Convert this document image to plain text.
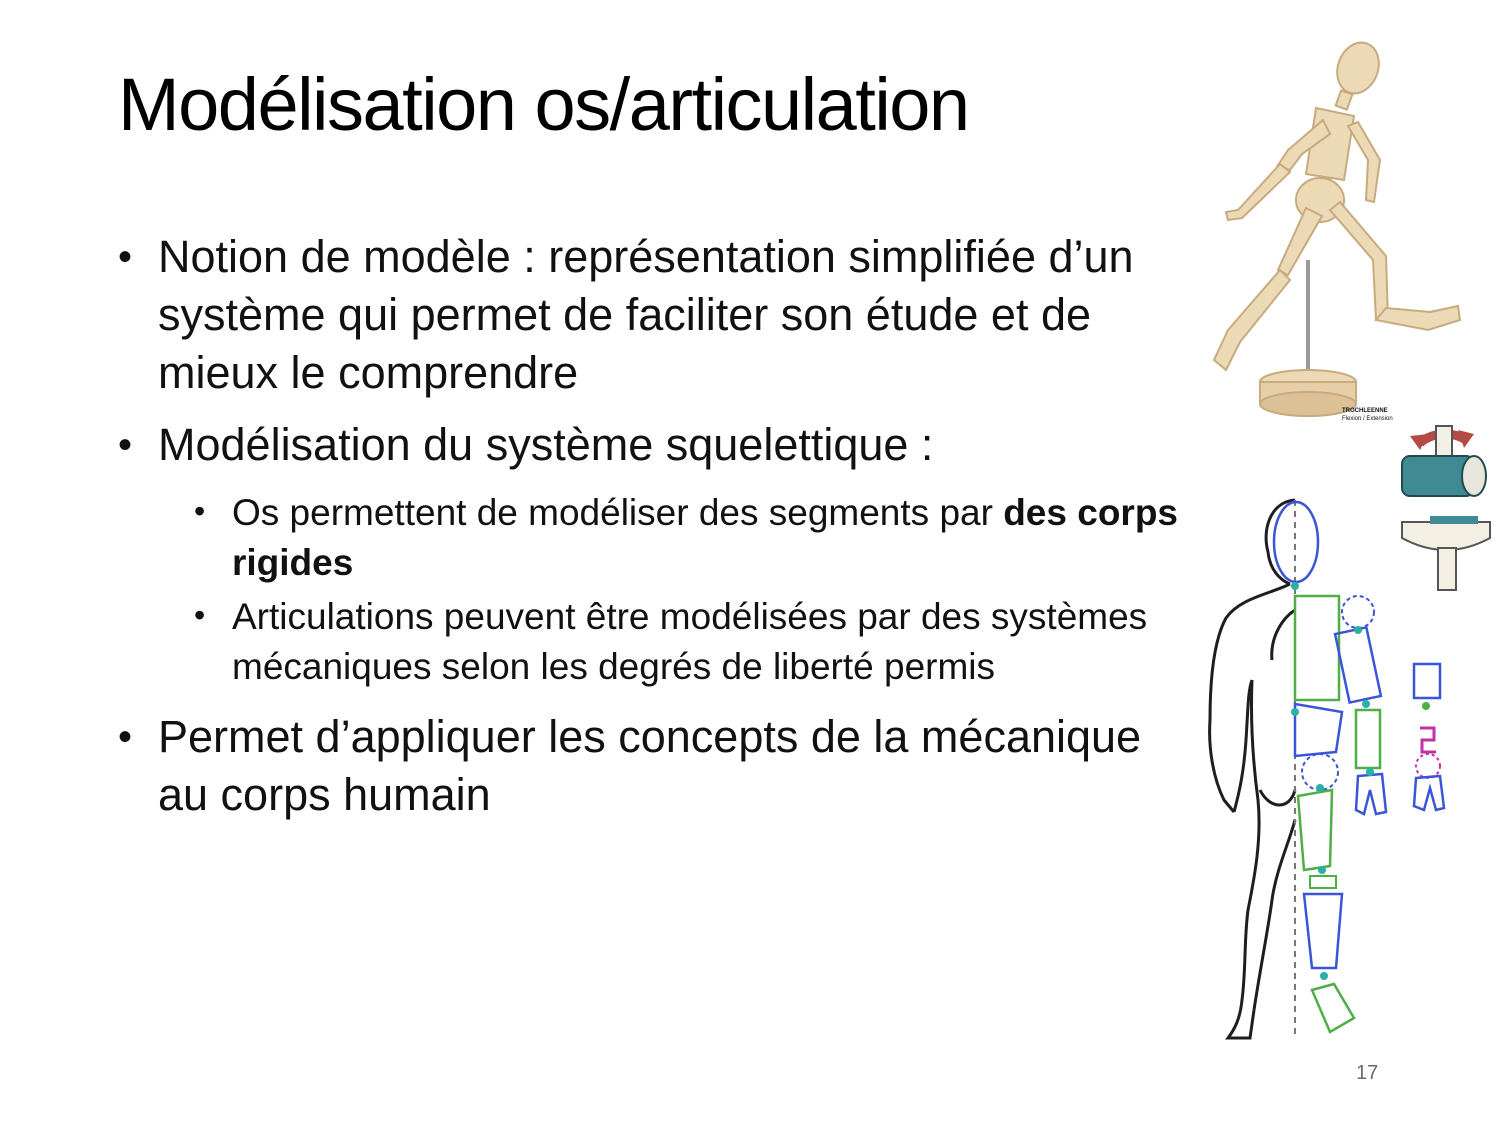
Modélisation os/articulation
• Notion de modèle : représentation simplifiée d’un système qui permet de faciliter son étude et de mieux le comprendre
• Modélisation du système squelettique :
• Os permettent de modéliser des segments par des corps rigides
• Articulations peuvent être modélisées par des systèmes mécaniques selon les degrés de liberté permis
• Permet d’appliquer les concepts de la mécanique au corps humain
TROCHLEENNE
Flexion / Extension
17
